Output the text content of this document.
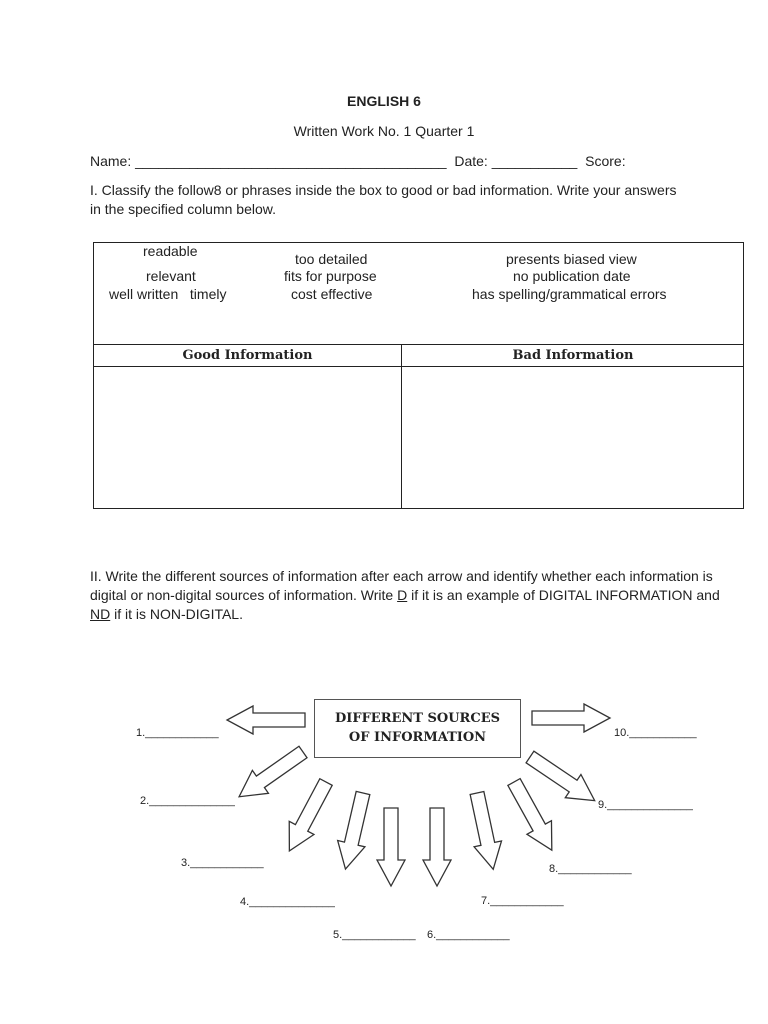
ENGLISH 6
Written Work No. 1 Quarter 1
Name: ________________________________________  Date: ___________  Score:
I. Classify the follow8 or phrases inside the box to good or bad information. Write your answers in the specified column below.
readable
relevant
well written   timely
too detailed
fits for purpose
cost effective
presents biased view
no publication date
has spelling/grammatical errors
Good Information	Bad Information
II. Write the different sources of information after each arrow and identify whether each information is digital or non-digital sources of information. Write D if it is an example of DIGITAL INFORMATION and ND if it is NON-DIGITAL.
DIFFERENT SOURCES
OF INFORMATION
1.____________
2.______________
3.____________
4.______________
5.____________ 6.____________
7.____________
8.____________
9.______________
10.___________
